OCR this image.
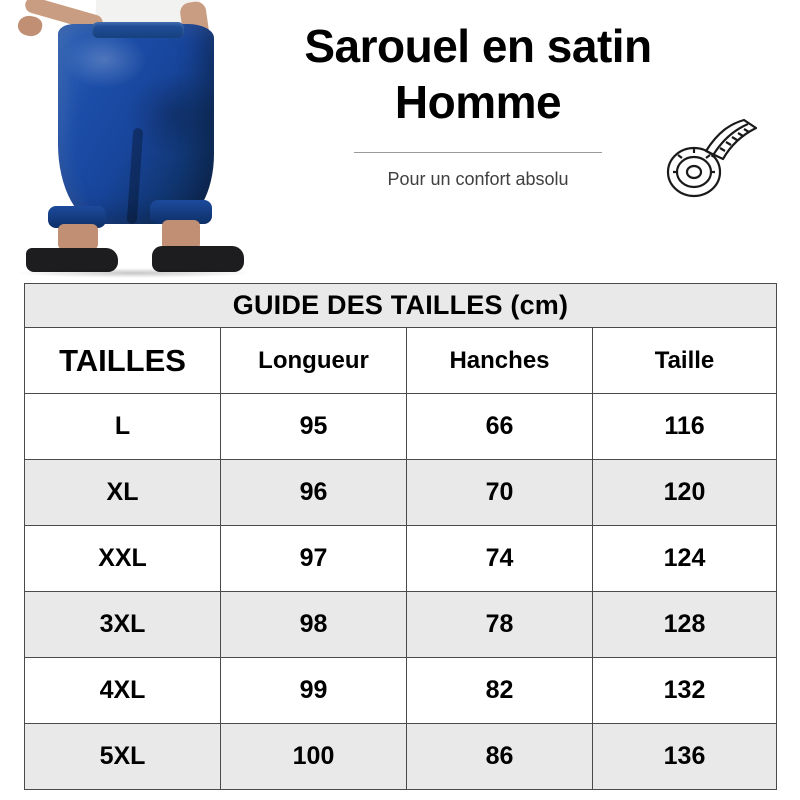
Sarouel en satin
Homme
Pour un confort absolu
GUIDE DES TAILLES (cm)			
TAILLES	Longueur	Hanches	Taille
L	95	66	116
XL	96	70	120
XXL	97	74	124
3XL	98	78	128
4XL	99	82	132
5XL	100	86	136
